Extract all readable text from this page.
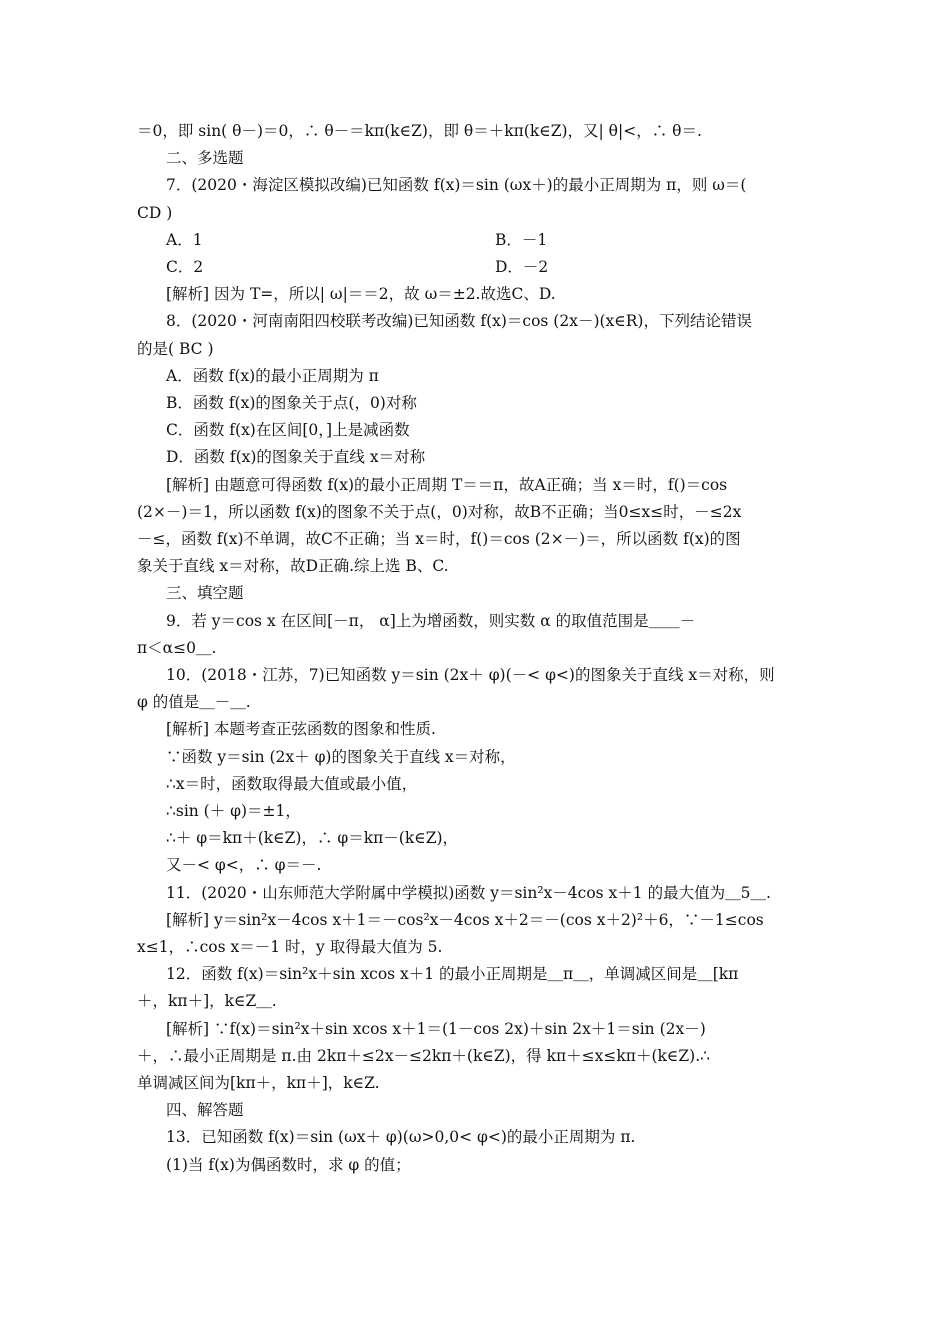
＝0，即 sin( θ－)＝0，∴ θ－＝kπ(k∈Z)，即 θ＝＋kπ(k∈Z)，又| θ|<，∴ θ＝.
二、多选题
7．(2020・海淀区模拟改编)已知函数 f(x)＝sin (ωx＋)的最小正周期为 π，则 ω＝(
CD )
A．1	B．－1
C．2	D．－2
[解析] 因为 T=，所以| ω|＝＝2，故 ω＝±2.故选C、D.
8．(2020・河南南阳四校联考改编)已知函数 f(x)＝cos (2x－)(x∈R)，下列结论错误
的是( BC )
A．函数 f(x)的最小正周期为 π
B．函数 f(x)的图象关于点(，0)对称
C．函数 f(x)在区间[0，]上是减函数
D．函数 f(x)的图象关于直线 x＝对称
[解析] 由题意可得函数 f(x)的最小正周期 T＝＝π，故A正确；当 x＝时，f()＝cos
(2×－)＝1，所以函数 f(x)的图象不关于点(，0)对称，故B不正确；当0≤x≤时，－≤2x
－≤，函数 f(x)不单调，故C不正确；当 x＝时，f()＝cos (2×－)＝，所以函数 f(x)的图
象关于直线 x＝对称，故D正确.综上选 B、C.
三、填空题
9．若 y＝cos x 在区间[－π， α]上为增函数，则实数 α 的取值范围是＿＿－
π＜α≤0＿.
10．(2018・江苏，7)已知函数 y＝sin (2x＋ φ)(－< φ<)的图象关于直线 x＝对称，则
φ 的值是＿－＿.
[解析] 本题考查正弦函数的图象和性质.
∵函数 y＝sin (2x＋ φ)的图象关于直线 x＝对称，
∴x＝时，函数取得最大值或最小值，
∴sin (＋ φ)＝±1，
∴＋ φ＝kπ＋(k∈Z)，∴ φ＝kπ－(k∈Z)，
又－< φ<，∴ φ＝－.
11．(2020・山东师范大学附属中学模拟)函数 y＝sin²x－4cos x＋1 的最大值为＿5＿.
[解析] y＝sin²x－4cos x＋1＝－cos²x－4cos x＋2＝－(cos x＋2)²＋6，∵－1≤cos
x≤1，∴cos x＝－1 时，y 取得最大值为 5.
12．函数 f(x)＝sin²x＋sin xcos x＋1 的最小正周期是＿π＿，单调减区间是＿[kπ
＋，kπ＋]，k∈Z＿.
[解析] ∵f(x)＝sin²x＋sin xcos x＋1＝(1－cos 2x)＋sin 2x＋1＝sin (2x－)
＋，∴最小正周期是 π.由 2kπ＋≤2x－≤2kπ＋(k∈Z)，得 kπ＋≤x≤kπ＋(k∈Z).∴
单调减区间为[kπ＋，kπ＋]，k∈Z.
四、解答题
13．已知函数 f(x)＝sin (ωx＋ φ)(ω>0,0< φ<)的最小正周期为 π.
(1)当 f(x)为偶函数时，求 φ 的值；
